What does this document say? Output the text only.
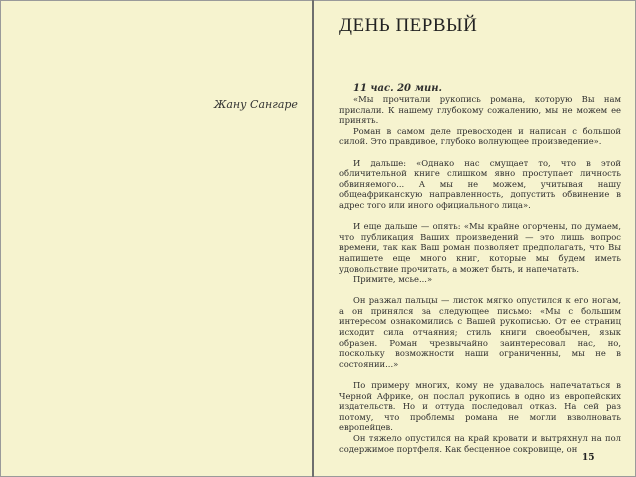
Жану Сангаре
ДЕНЬ ПЕРВЫЙ
11 час. 20 мин.

«Мы прочитали рукопись романа, которую Вы нам прислали. К нашему глубокому сожалению, мы не можем ее принять.

Роман в самом деле превосходен и написан с большой силой. Это правдивое, глубоко волнующее произведение».

И дальше: «Однако нас смущает то, что в этой обличительной книге слишком явно проступает личность обвиняемого... А мы не можем, учитывая нашу общеафриканскую направленность, допустить обвинение в адрес того или иного официального лица».

И еще дальше — опять: «Мы крайне огорчены, по думаем, что публикация Ваших произведений — это лишь вопрос времени, так как Ваш роман позволяет предполагать, что Вы напишете еще много книг, которые мы будем иметь удовольствие прочитать, а может быть, и напечатать.

Примите, мсье...»

Он разжал пальцы — листок мягко опустился к его ногам, а он принялся за следующее письмо: «Мы с большим интересом ознакомились с Вашей рукописью. От ее страниц исходит сила отчаяния; стиль книги своеобычен, язык образен. Роман чрезвычайно заинтересовал нас, но, поскольку возможности наши ограниченны, мы не в состоянии...»

По примеру многих, кому не удавалось напечататься в Черной Африке, он послал рукопись в одно из европейских издательств. Но и оттуда последовал отказ. На сей раз потому, что проблемы романа не могли взволновать европейцев.

Он тяжело опустился на край кровати и вытряхнул на пол содержимое портфеля. Как бесценное сокровище, он

15
